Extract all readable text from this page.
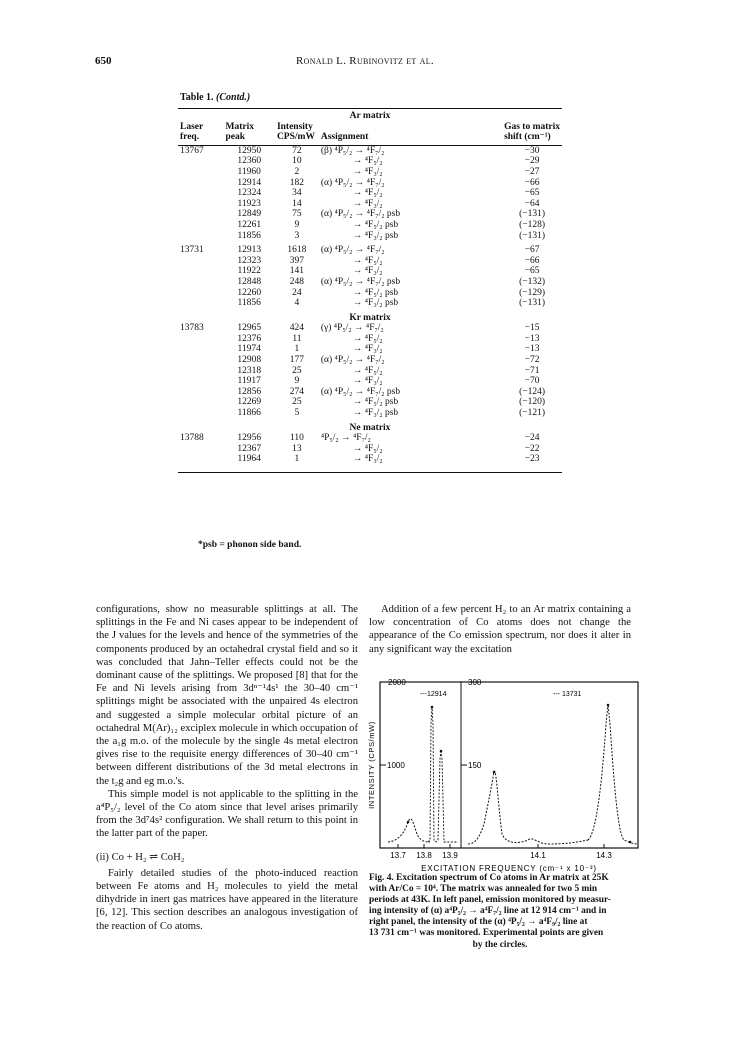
650	Ronald L. Rubinovitz et al.
Table 1. (Contd.)

Ar matrix				
Laser	Matrix	Intensity		Gas to matrix
freq.	peak	CPS/mW	Assignment	shift (cm⁻¹)

13767	12950	72	(β) ⁴P₅/₂ → ⁴F₇/₂	−30
	12360	10	→ ⁴F₅/₂	−29
	11960	2	→ ⁴F₃/₂	−27
	12914	182	(α) ⁴P₅/₂ → ⁴F₇/₂	−66
	12324	34	→ ⁴F₅/₂	−65
	11923	14	→ ⁴F₃/₂	−64
	12849	75	(α) ⁴P₅/₂ → ⁴F₇/₂ psb	(−131)
	12261	9	→ ⁴F₅/₂ psb	(−128)
	11856	3	→ ⁴F₃/₂ psb	(−131)

13731	12913	1618	(α) ⁴P₅/₂ → ⁴F₇/₂	−67
	12323	397	→ ⁴F₅/₂	−66
	11922	141	→ ⁴F₃/₂	−65
	12848	248	(α) ⁴P₅/₂ → ⁴F₇/₂ psb	(−132)
	12260	24	→ ⁴F₅/₂ psb	(−129)
	11856	4	→ ⁴F₃/₂ psb	(−131)

Kr matrix				
13783	12965	424	(γ) ⁴P₅/₂ → ⁴F₇/₂	−15
	12376	11	→ ⁴F₅/₂	−13
	11974	1	→ ⁴F₃/₂	−13
	12908	177	(α) ⁴P₅/₂ → ⁴F₇/₂	−72
	12318	25	→ ⁴F₅/₂	−71
	11917	9	→ ⁴F₃/₂	−70
	12856	274	(α) ⁴P₅/₂ → ⁴F₇/₂ psb	(−124)
	12269	25	→ ⁴F₅/₂ psb	(−120)
	11866	5	→ ⁴F₃/₂ psb	(−121)

Ne matrix				
13788	12956	110	⁴P₅/₂ → ⁴F₇/₂	−24
	12367	13	→ ⁴F₅/₂	−22
	11964	1	→ ⁴F₃/₂	−23

*psb = phonon side band.

configurations, show no measurable splittings at all. The splittings in the Fe and Ni cases appear to be independent of the J values for the levels and hence of the symmetries of the components produced by an octahedral crystal field and so it was concluded that Jahn–Teller effects could not be the dominant cause of the splittings. We proposed [8] that for the Fe and Ni levels arising from 3dⁿ⁻¹4s¹ the 30–40 cm⁻¹ splittings might be associated with the unpaired 4s electron and suggested a simple molecular orbital picture of an octahedral M(Ar)₁₂ exciplex molecule in which occupation of the a₁g m.o. of the molecule by the single 4s metal electron gives rise to the requisite energy differences of 30–40 cm⁻¹ between different distributions of the 3d metal electrons in the t₂g and eg m.o.'s.

This simple model is not applicable to the splitting in the a⁴P₅/₂ level of the Co atom since that level arises primarily from the 3d⁷4s² configuration. We shall return to this point in the latter part of the paper.

(ii) Co + H₂ ⇌ CoH₂

Fairly detailed studies of the photo-induced reaction between Fe atoms and H₂ molecules to yield the metal dihydride in inert gas matrices have appeared in the literature [6, 12]. This section describes an analogous investigation of the reaction of Co atoms.

Addition of a few percent H₂ to an Ar matrix containing a low concentration of Co atoms does not change the appearance of the Co emission spectrum, nor does it alter in any significant way the excitation

INTENSITY (CPS/mW)
2000
1000
---12914
300
150
--- 13731
13.7 13.8 13.9	14.1	14.3
EXCITATION FREQUENCY (cm⁻¹ x 10⁻³)
Fig. 4. Excitation spectrum of Co atoms in Ar matrix at 25K
with Ar/Co = 10⁴. The matrix was annealed for two 5 min
periods at 43K. In left panel, emission monitored by measur-
ing intensity of (α) a⁴P₅/₂ → a⁴F₇/₂ line at 12 914 cm⁻¹ and in
right panel, the intensity of the (α) ⁴P₅/₂ → a⁴F₉/₂ line at
13 731 cm⁻¹ was monitored. Experimental points are given
by the circles.
